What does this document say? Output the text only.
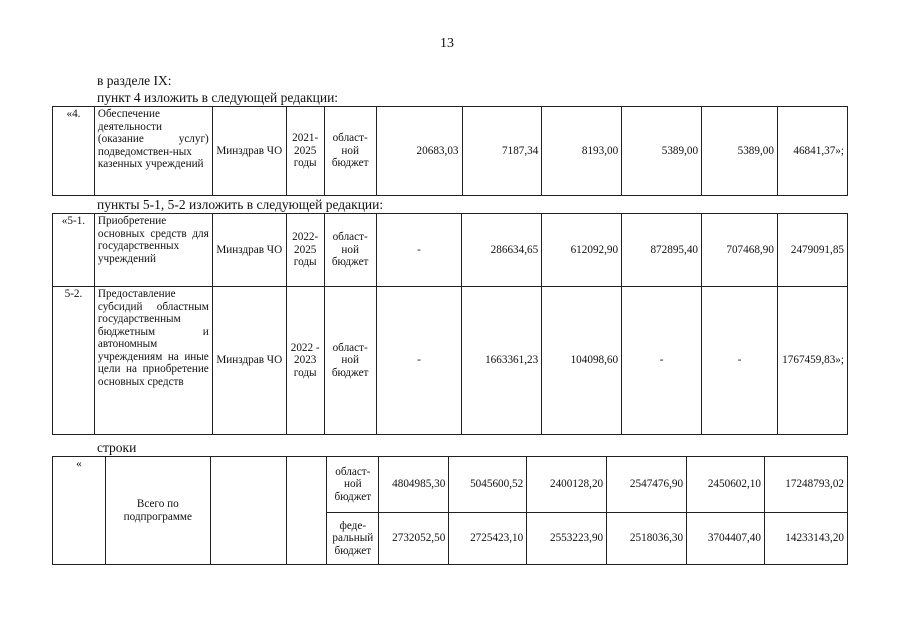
13
в разделе IX:
пункт 4 изложить в следующей редакции:
«4.	Обеспечение деятельности (оказание услуг) подведомствен-ных казенных учреждений	Минздрав ЧО	2021-2025 годы	област-ной бюджет	20683,03	7187,34	8193,00	5389,00	5389,00	46841,37»;
пункты 5-1, 5-2 изложить в следующей редакции:
«5-1.	Приобретение основных средств для государственных учреждений	Минздрав ЧО	2022-2025 годы	област-ной бюджет	-	286634,65	612092,90	872895,40	707468,90	2479091,85
5-2.	Предоставление субсидий областным государственным бюджетным и автономным учреждениям на иные цели на приобретение основных средств	Минздрав ЧО	2022 - 2023 годы	област-ной бюджет	-	1663361,23	104098,60	-	-	1767459,83»;
строки
«	Всего по подпрограмме			област-ной бюджет	4804985,30	5045600,52	2400128,20	2547476,90	2450602,10	17248793,02
				феде-ральный бюджет	2732052,50	2725423,10	2553223,90	2518036,30	3704407,40	14233143,20
